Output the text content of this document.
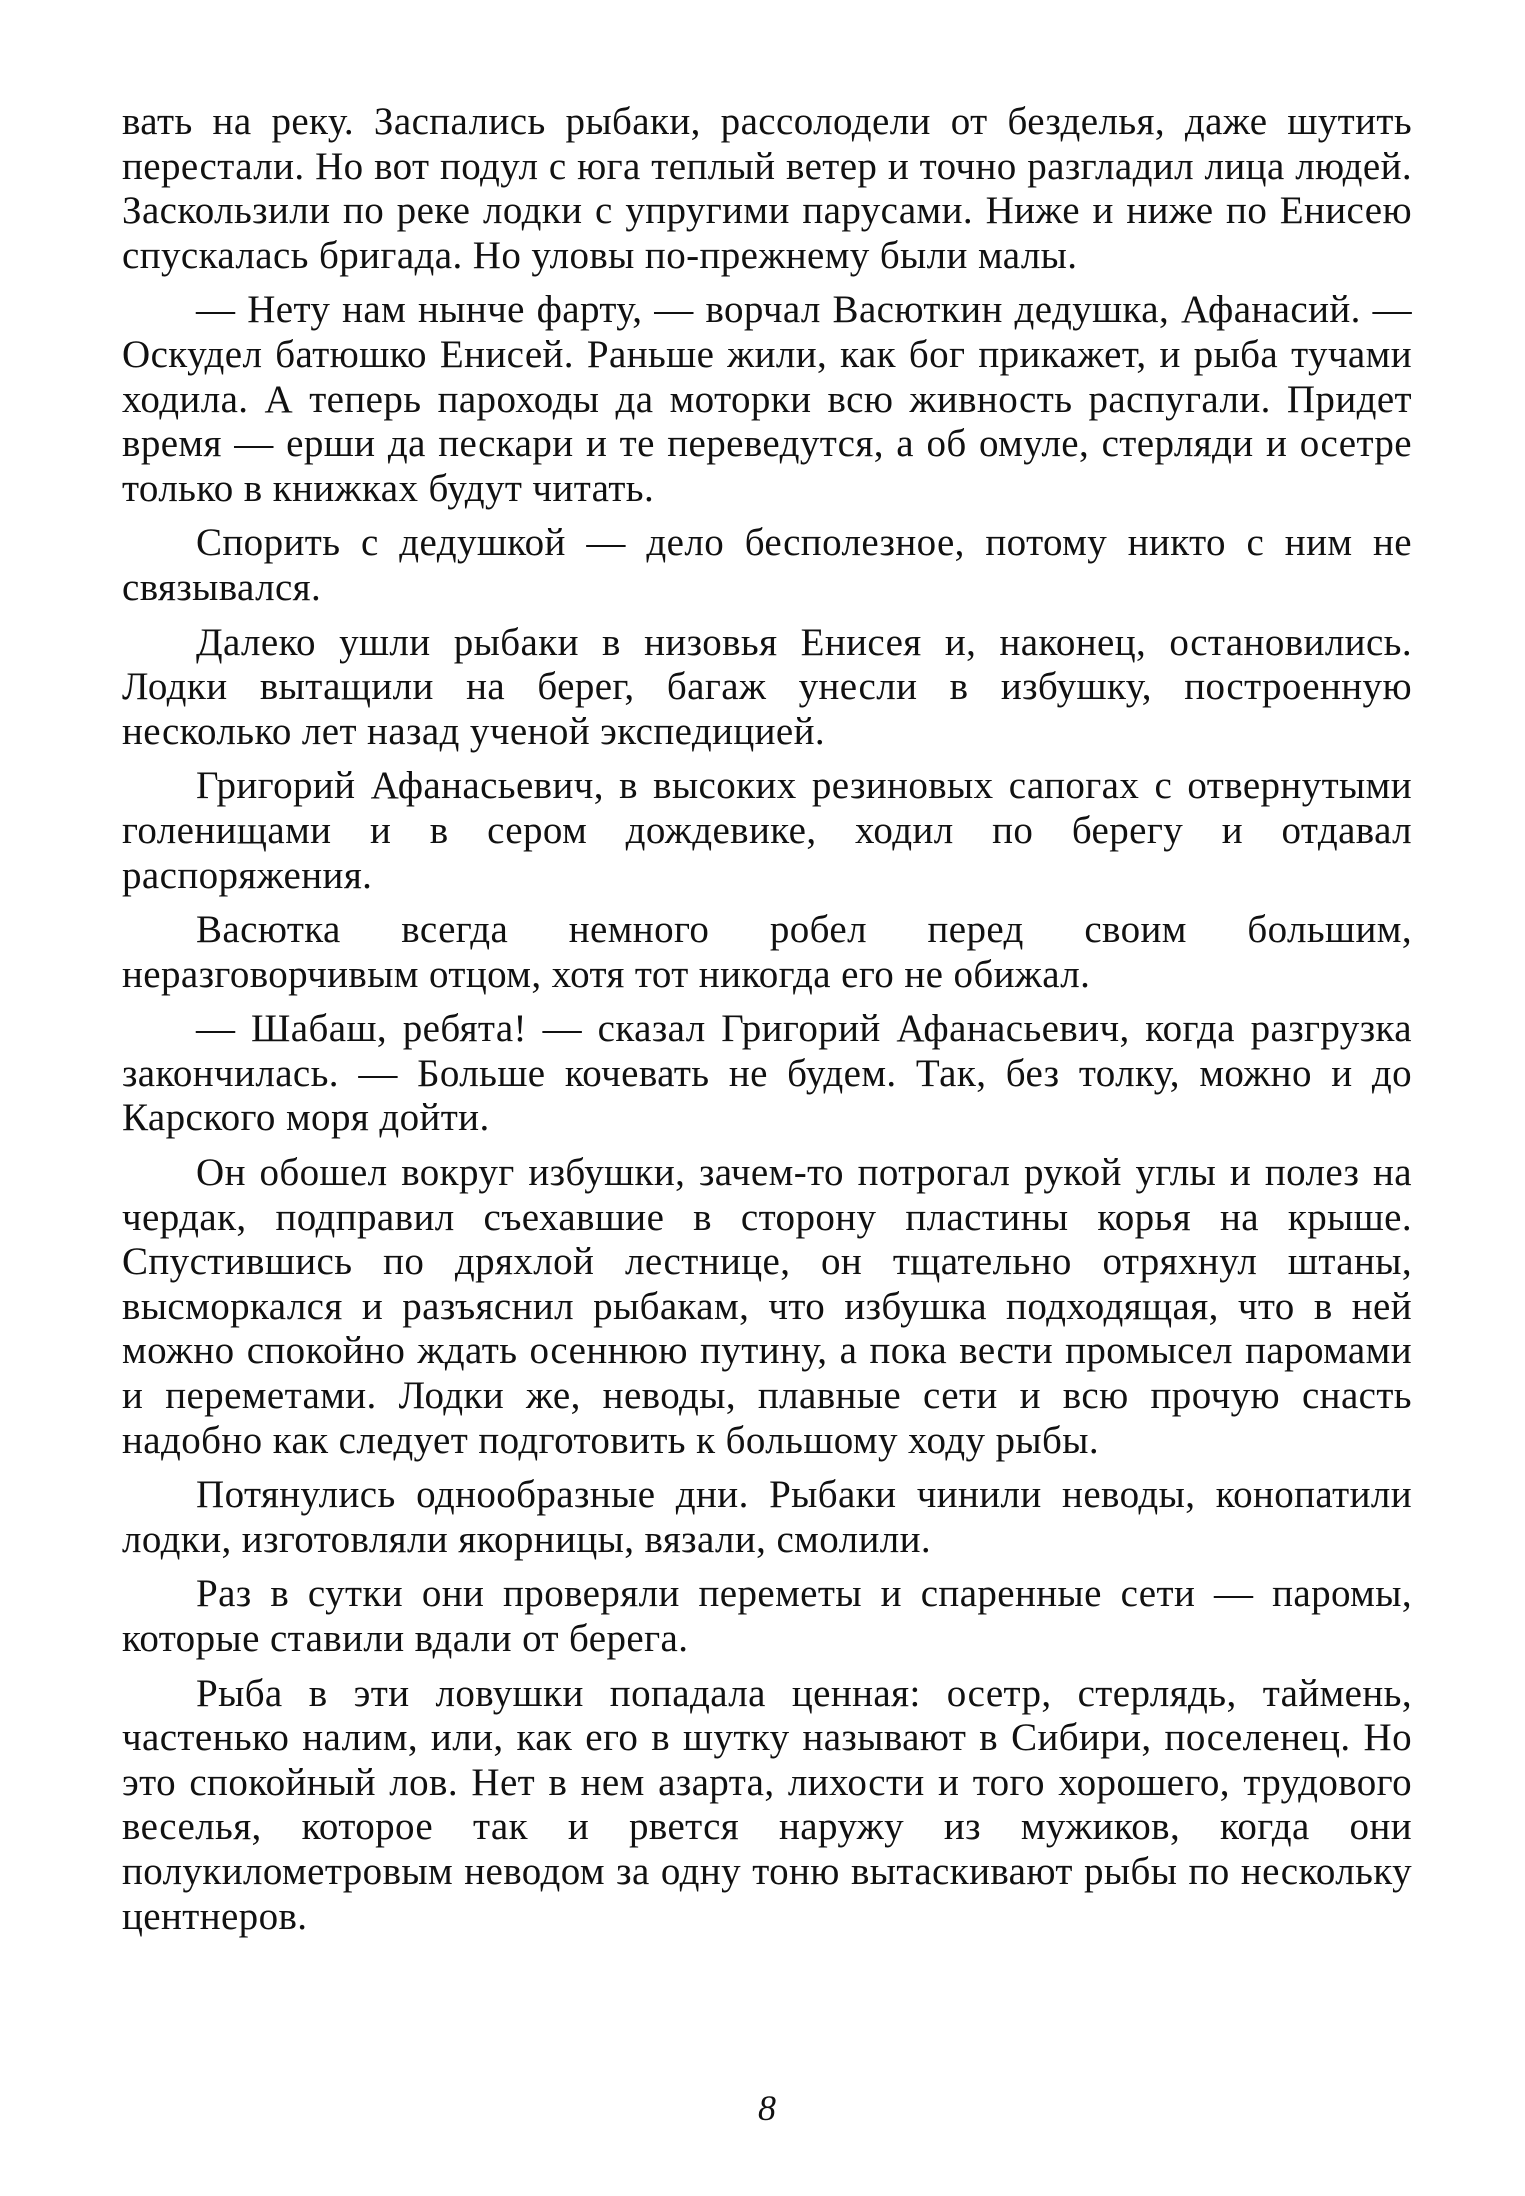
вать на реку. Заспались рыбаки, рассолодели от безделья, даже шутить перестали. Но вот подул с юга теплый ветер и точно разгладил лица людей. Заскользили по реке лодки с упругими парусами. Ниже и ниже по Енисею спускалась бригада. Но уловы по-прежнему были малы.

— Нету нам нынче фарту, — ворчал Васюткин дедушка, Афанасий. — Оскудел батюшко Енисей. Раньше жили, как бог прикажет, и рыба тучами ходила. А теперь пароходы да моторки всю живность распугали. Придет время — ерши да пескари и те переведутся, а об омуле, стерляди и осетре только в книжках будут читать.

Спорить с дедушкой — дело бесполезное, потому никто с ним не связывался.

Далеко ушли рыбаки в низовья Енисея и, наконец, остановились. Лодки вытащили на берег, багаж унесли в избушку, построенную несколько лет назад ученой экспедицией.

Григорий Афанасьевич, в высоких резиновых сапогах с отвернутыми голенищами и в сером дождевике, ходил по берегу и отдавал распоряжения.

Васютка всегда немного робел перед своим большим, неразговорчивым отцом, хотя тот никогда его не обижал.

— Шабаш, ребята! — сказал Григорий Афанасьевич, когда разгрузка закончилась. — Больше кочевать не будем. Так, без толку, можно и до Карского моря дойти.

Он обошел вокруг избушки, зачем-то потрогал рукой углы и полез на чердак, подправил съехавшие в сторону пластины корья на крыше. Спустившись по дряхлой лестнице, он тщательно отряхнул штаны, высморкался и разъяснил рыбакам, что избушка подходящая, что в ней можно спокойно ждать осеннюю путину, а пока вести промысел паромами и переметами. Лодки же, неводы, плавные сети и всю прочую снасть надобно как следует подготовить к большому ходу рыбы.

Потянулись однообразные дни. Рыбаки чинили неводы, конопатили лодки, изготовляли якорницы, вязали, смолили.

Раз в сутки они проверяли переметы и спаренные сети — паромы, которые ставили вдали от берега.

Рыба в эти ловушки попадала ценная: осетр, стерлядь, таймень, частенько налим, или, как его в шутку называют в Сибири, поселенец. Но это спокойный лов. Нет в нем азарта, лихости и того хорошего, трудового веселья, которое так и рвется наружу из мужиков, когда они полукилометровым неводом за одну тоню вытаскивают рыбы по нескольку центнеров.

8
